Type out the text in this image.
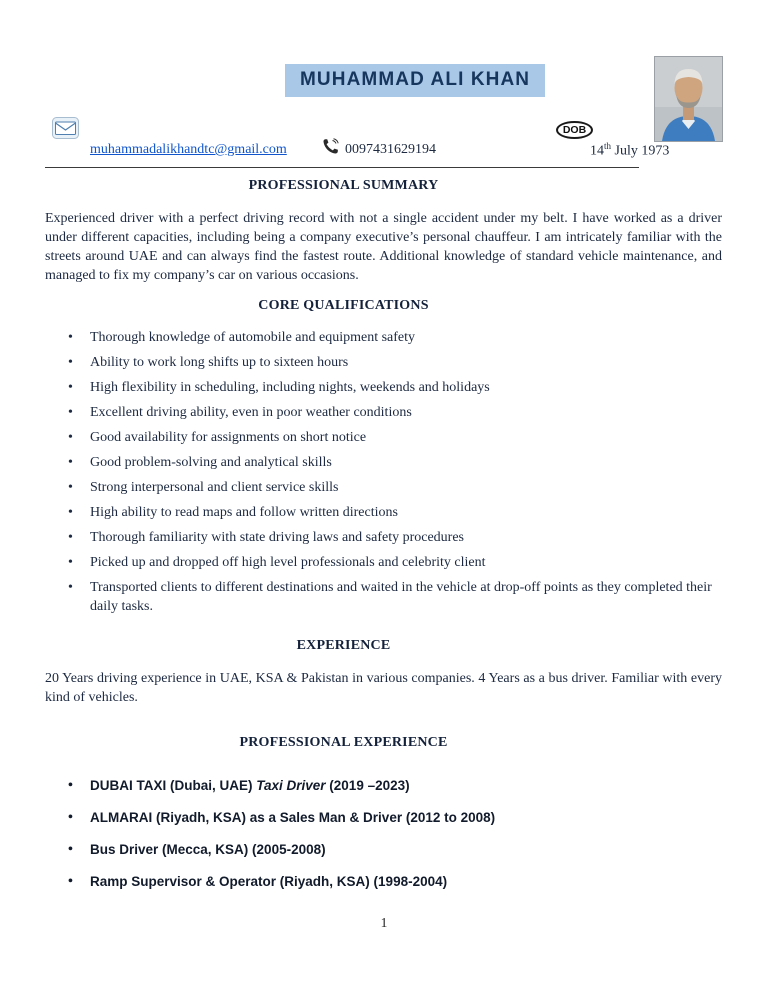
MUHAMMAD ALI KHAN
muhammadalikhandtc@gmail.com	0097431629194
DOB
14th July 1973
PROFESSIONAL SUMMARY

Experienced driver with a perfect driving record with not a single accident under my belt. I have worked as a driver under different capacities, including being a company executive’s personal chauffeur. I am intricately familiar with the streets around UAE and can always find the fastest route. Additional knowledge of standard vehicle maintenance, and managed to fix my company’s car on various occasions.

CORE QUALIFICATIONS
• Thorough knowledge of automobile and equipment safety
• Ability to work long shifts up to sixteen hours
• High flexibility in scheduling, including nights, weekends and holidays
• Excellent driving ability, even in poor weather conditions
• Good availability for assignments on short notice
• Good problem-solving and analytical skills
• Strong interpersonal and client service skills
• High ability to read maps and follow written directions
• Thorough familiarity with state driving laws and safety procedures
• Picked up and dropped off high level professionals and celebrity client
• Transported clients to different destinations and waited in the vehicle at drop-off points as they completed their daily tasks.
EXPERIENCE

20 Years driving experience in UAE, KSA & Pakistan in various companies. 4 Years as a bus driver. Familiar with every kind of vehicles.

PROFESSIONAL EXPERIENCE
• DUBAI TAXI (Dubai, UAE) Taxi Driver (2019 –2023)
• ALMARAI (Riyadh, KSA) as a Sales Man & Driver (2012 to 2008)
• Bus Driver (Mecca, KSA) (2005-2008)
• Ramp Supervisor & Operator (Riyadh, KSA) (1998-2004)
1
